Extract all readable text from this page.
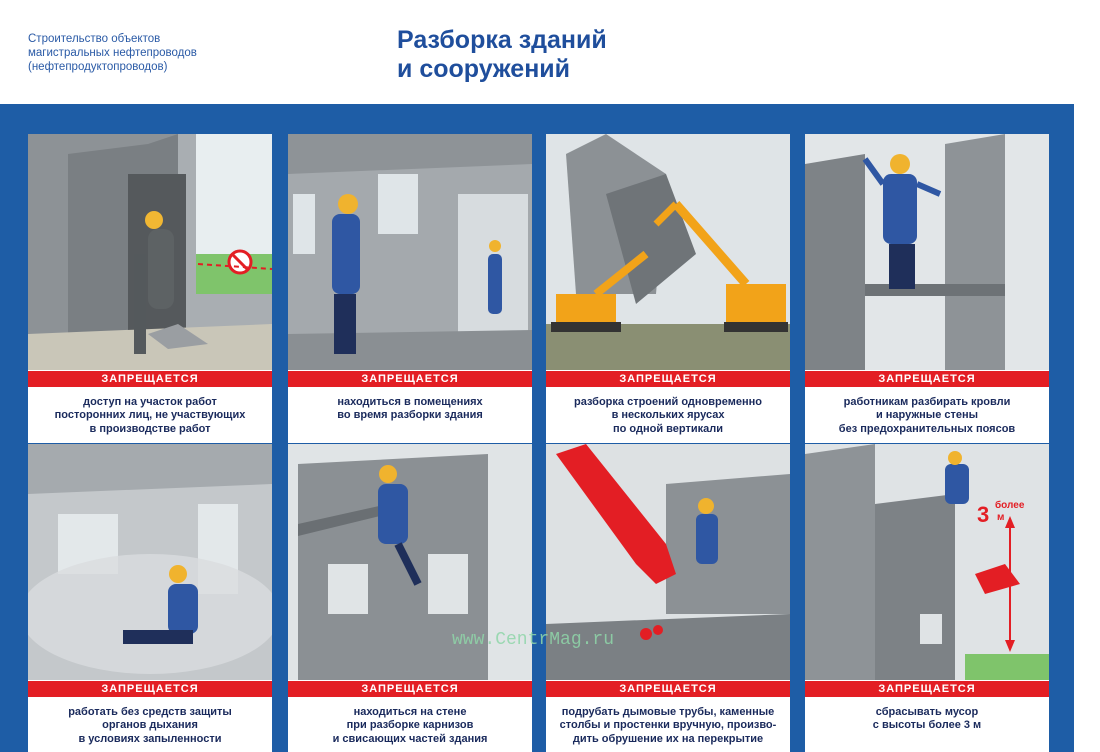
Строительство объектов
магистральных нефтепроводов
(нефтепродуктопроводов)
Разборка зданий
и сооружений
ЗАПРЕЩАЕТСЯ
доступ на участок работ
посторонних лиц, не участвующих
в производстве работ
ЗАПРЕЩАЕТСЯ
находиться в помещениях
во время разборки здания
ЗАПРЕЩАЕТСЯ
разборка строений одновременно
в нескольких ярусах
по одной вертикали
ЗАПРЕЩАЕТСЯ
работникам разбирать кровли
и наружные стены
без предохранительных поясов
ЗАПРЕЩАЕТСЯ
работать без средств защиты
органов дыхания
в условиях запыленности
ЗАПРЕЩАЕТСЯ
находиться на стене
при разборке карнизов
и свисающих частей здания
ЗАПРЕЩАЕТСЯ
подрубать дымовые трубы, каменные
столбы и простенки вручную, произво-
дить обрушение их на перекрытие
3 более
м
ЗАПРЕЩАЕТСЯ
сбрасывать мусор
с высоты более 3 м
www.CentrMag.ru
